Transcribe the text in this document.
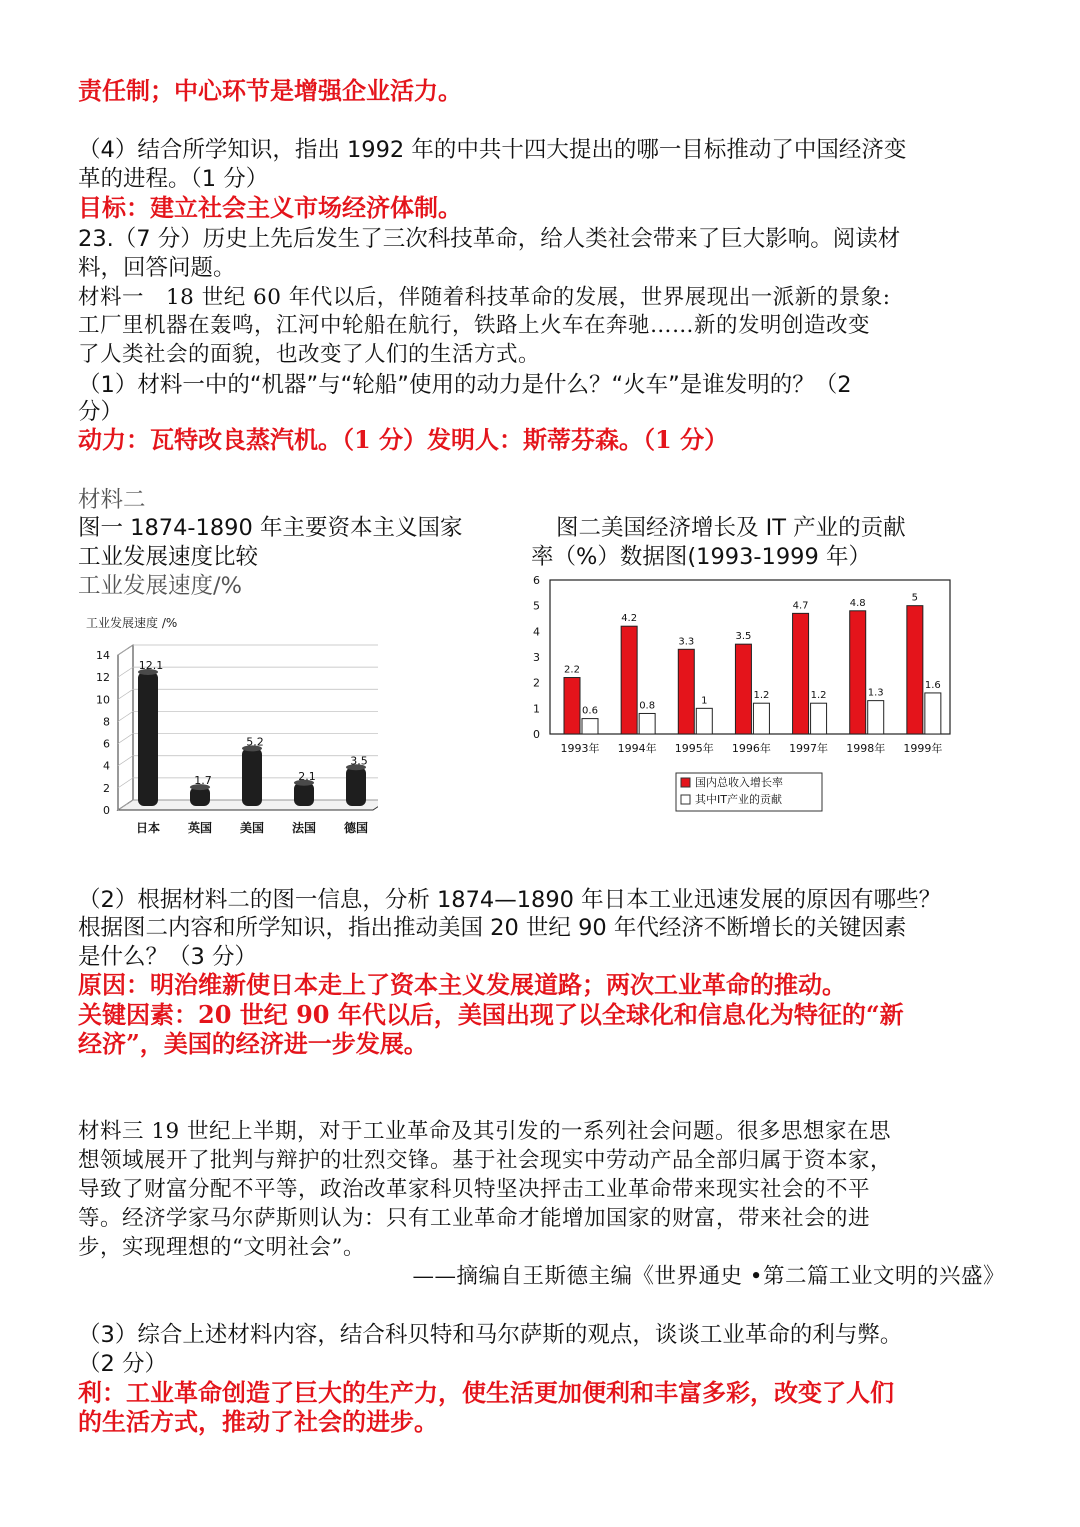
责任制；中心环节是增强企业活力。
（4）结合所学知识，指出 1992 年的中共十四大提出的哪一目标推动了中国经济变
革的进程。（1 分）
目标：建立社会主义市场经济体制。
23.（7 分）历史上先后发生了三次科技革命，给人类社会带来了巨大影响。阅读材
料，回答问题。
材料一　18 世纪 60 年代以后，伴随着科技革命的发展，世界展现出一派新的景象:
工厂里机器在轰鸣，江河中轮船在航行，铁路上火车在奔驰……新的发明创造改变
了人类社会的面貌，也改变了人们的生活方式。
（1）材料一中的“机器”与“轮船”使用的动力是什么？“火车”是谁发明的？（2
分）
动力：瓦特改良蒸汽机。（1 分）发明人：斯蒂芬森。（1 分）
材料二
图一 1874-1890 年主要资本主义国家
工业发展速度比较
工业发展速度/%
图二美国经济增长及 IT 产业的贡献
率（%）数据图(1993-1999 年）
工业发展速度 /%
0
2
4
6
8
10
12
14
12.1
1.7
5.2
2.1
3.5
日本 英国 美国 法国 德国
0
1
2
3
4
5
6
2.2
0.6
4.2
0.8
3.3
1
3.5
1.2
4.7
1.2
4.8
1.3
5
1.6
1993年 1994年 1995年 1996年 1997年 1998年 1999年
国内总收入增长率
其中IT产业的贡献
（2）根据材料二的图一信息，分析 1874—1890 年日本工业迅速发展的原因有哪些？
根据图二内容和所学知识，指出推动美国 20 世纪 90 年代经济不断增长的关键因素
是什么？（3 分）
原因：明治维新使日本走上了资本主义发展道路；两次工业革命的推动。
关键因素：20 世纪 90 年代以后，美国出现了以全球化和信息化为特征的“新
经济”，美国的经济进一步发展。
材料三 19 世纪上半期，对于工业革命及其引发的一系列社会问题。很多思想家在思
想领域展开了批判与辩护的壮烈交锋。基于社会现实中劳动产品全部归属于资本家，
导致了财富分配不平等，政治改革家科贝特坚决抨击工业革命带来现实社会的不平
等。经济学家马尔萨斯则认为：只有工业革命才能增加国家的财富，带来社会的进
步，实现理想的“文明社会”。
——摘编自王斯德主编《世界通史 •第二篇工业文明的兴盛》
（3）综合上述材料内容，结合科贝特和马尔萨斯的观点，谈谈工业革命的利与弊。
（2 分）
利：工业革命创造了巨大的生产力，使生活更加便利和丰富多彩，改变了人们
的生活方式，推动了社会的进步。
